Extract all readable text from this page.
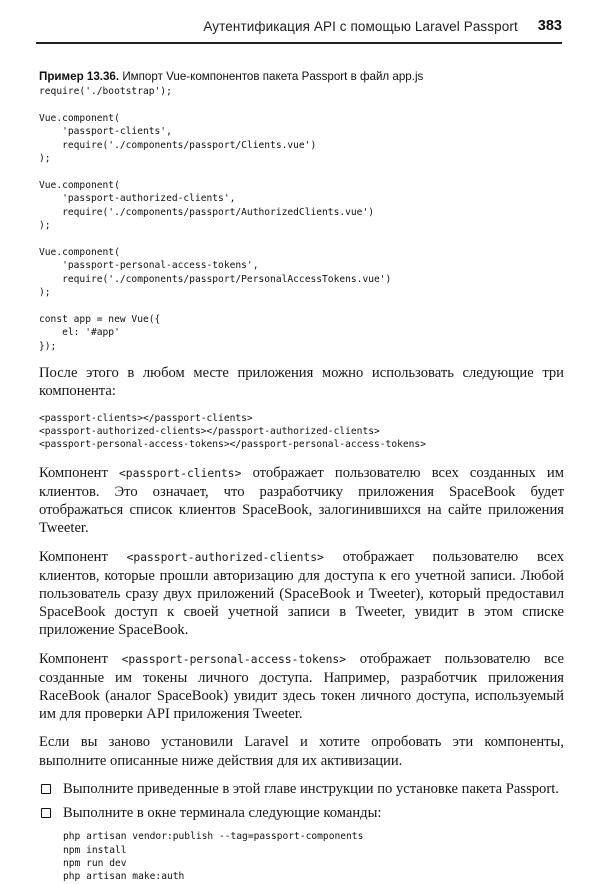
Аутентификация API с помощью Laravel Passport 383
Пример 13.36. Импорт Vue-компонентов пакета Passport в файл app.js
require('./bootstrap');

Vue.component(
'passport-clients',
require('./components/passport/Clients.vue')
);

Vue.component(
'passport-authorized-clients',
require('./components/passport/AuthorizedClients.vue')
);

Vue.component(
'passport-personal-access-tokens',
require('./components/passport/PersonalAccessTokens.vue')
);

const app = new Vue({
el: '#app'
});

После этого в любом месте приложения можно использовать следующие три компонента:

<passport-clients></passport-clients>
<passport-authorized-clients></passport-authorized-clients>
<passport-personal-access-tokens></passport-personal-access-tokens>

Компонент <passport-clients> отображает пользователю всех созданных им клиентов. Это означает, что разработчику приложения SpaceBook будет отображаться список клиентов SpaceBook, залогинившихся на сайте приложения Tweeter.

Компонент <passport-authorized-clients> отображает пользователю всех клиентов, которые прошли авторизацию для доступа к его учетной записи. Любой пользователь сразу двух приложений (SpaceBook и Tweeter), который предоставил SpaceBook доступ к своей учетной записи в Tweeter, увидит в этом списке приложение SpaceBook.

Компонент <passport-personal-access-tokens> отображает пользователю все созданные им токены личного доступа. Например, разработчик приложения RaceBook (аналог SpaceBook) увидит здесь токен личного доступа, используемый им для проверки API приложения Tweeter.

Если вы заново установили Laravel и хотите опробовать эти компоненты, выполните описанные ниже действия для их активизации.

Выполните приведенные в этой главе инструкции по установке пакета Passport.
Выполните в окне терминала следующие команды:
php artisan vendor:publish --tag=passport-components
npm install
npm run dev
php artisan make:auth
